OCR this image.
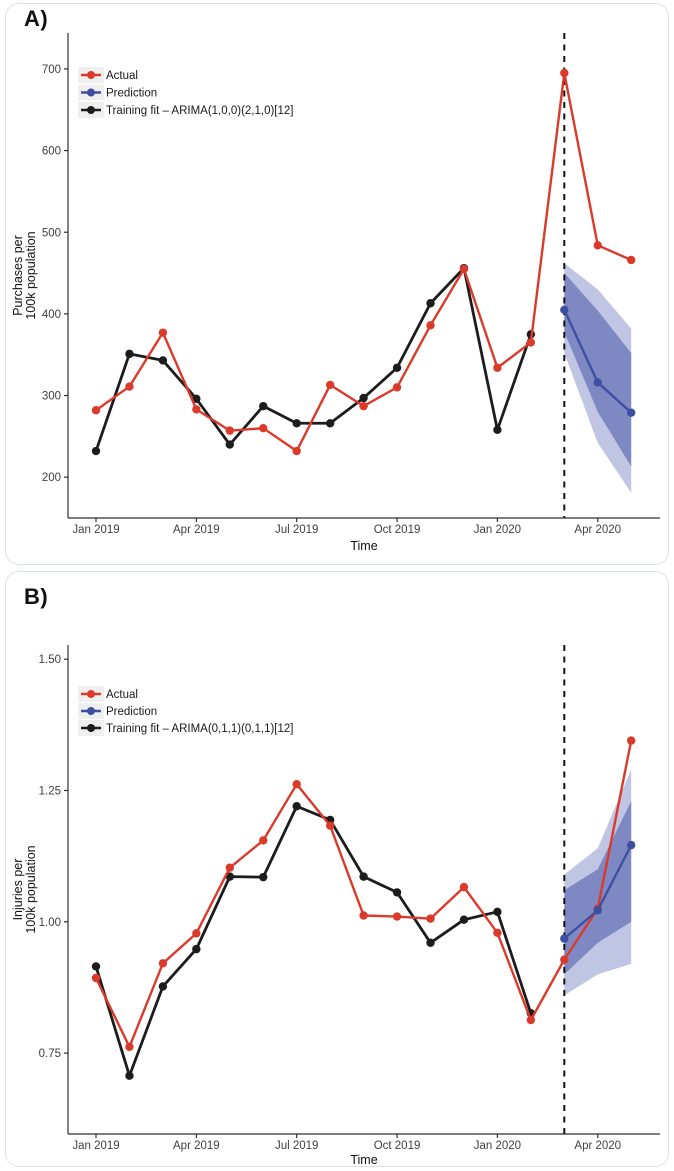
A)
B)
200
300
400
500
600
700
Jan 2019	Apr 2019	Jul 2019	Oct 2019	Jan 2020	Apr 2020
Actual
Prediction
Training fit – ARIMA(1,0,0)(2,1,0)[12]
Time
Purchases per 100k population
0.75
1.00
1.25
1.50
Jan 2019	Apr 2019	Jul 2019	Oct 2019	Jan 2020	Apr 2020
Actual
Prediction
Training fit – ARIMA(0,1,1)(0,1,1)[12]
Time
Injuries per 100k population
